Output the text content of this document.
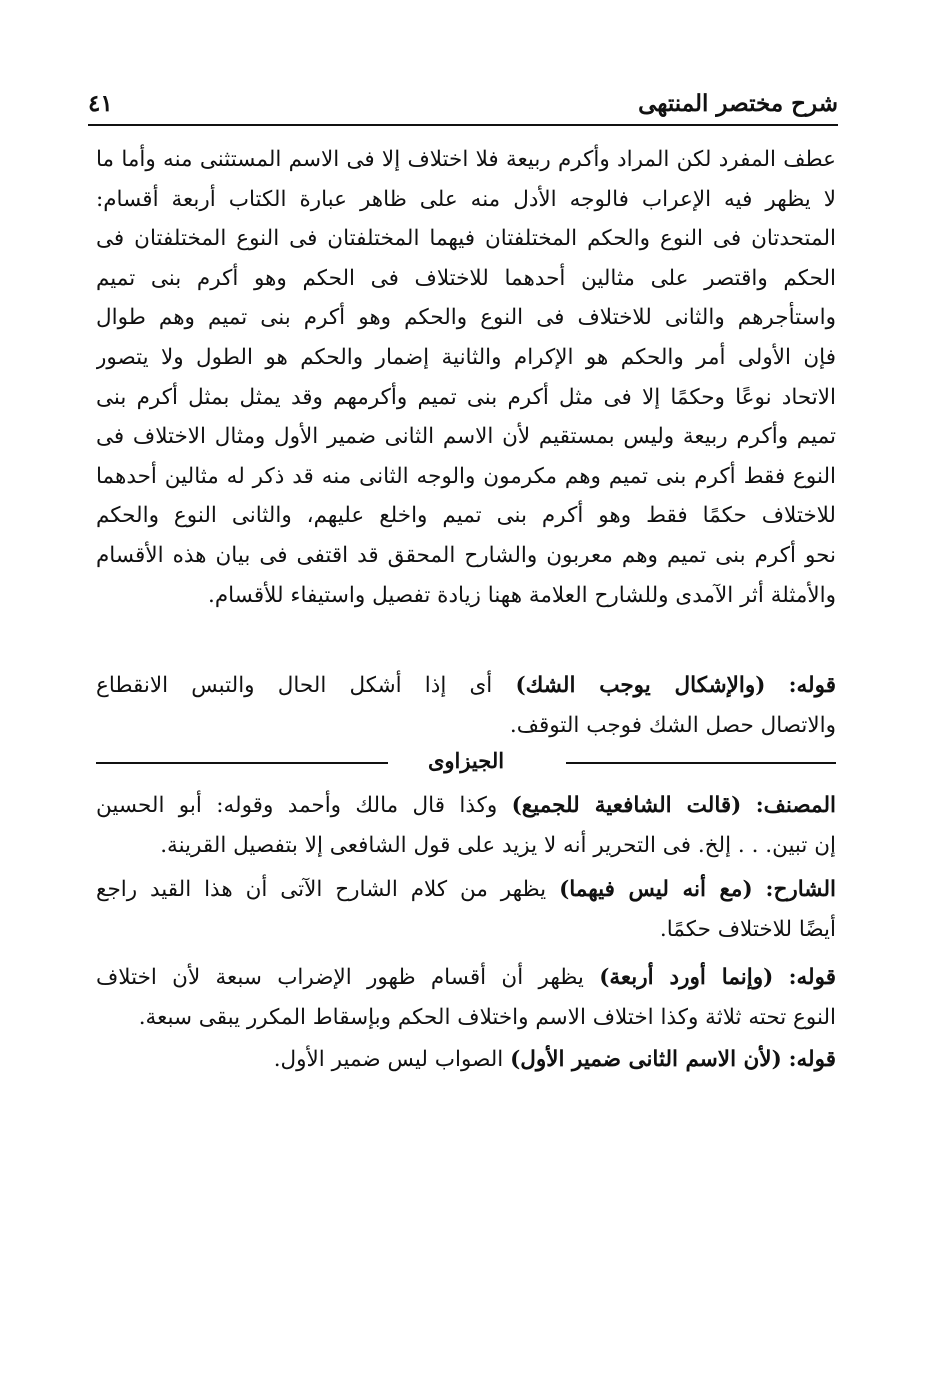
شرح مختصر المنتهى
٤١
عطف المفرد لكن المراد وأكرم ربيعة فلا اختلاف إلا فى الاسم المستثنى منه وأما ما
لا يظهر فيه الإعراب فالوجه الأدل منه على ظاهر عبارة الكتاب أربعة أقسام:
المتحدتان فى النوع والحكم المختلفتان فيهما المختلفتان فى النوع المختلفتان فى
الحكم واقتصر على مثالين أحدهما للاختلاف فى الحكم وهو أكرم بنى تميم
واستأجرهم والثانى للاختلاف فى النوع والحكم وهو أكرم بنى تميم وهم طوال
فإن الأولى أمر والحكم هو الإكرام والثانية إضمار والحكم هو الطول ولا يتصور
الاتحاد نوعًا وحكمًا إلا فى مثل أكرم بنى تميم وأكرمهم وقد يمثل بمثل أكرم بنى
تميم وأكرم ربيعة وليس بمستقيم لأن الاسم الثانى ضمير الأول ومثال الاختلاف فى
النوع فقط أكرم بنى تميم وهم مكرمون والوجه الثانى منه قد ذكر له مثالين أحدهما
للاختلاف حكمًا فقط وهو أكرم بنى تميم واخلع عليهم، والثانى النوع والحكم
نحو أكرم بنى تميم وهم معربون والشارح المحقق قد اقتفى فى بيان هذه الأقسام
والأمثلة أثر الآمدى وللشارح العلامة ههنا زيادة تفصيل واستيفاء للأقسام.
قوله: (والإشكال يوجب الشك) أى إذا أشكل الحال والتبس الانقطاع
والاتصال حصل الشك فوجب التوقف.
الجيزاوى
المصنف: (قالت الشافعية للجميع) وكذا قال مالك وأحمد وقوله: أبو الحسين
إن تبين. . . إلخ. فى التحرير أنه لا يزيد على قول الشافعى إلا بتفصيل القرينة.
الشارح: (مع أنه ليس فيهما) يظهر من كلام الشارح الآتى أن هذا القيد راجع
أيضًا للاختلاف حكمًا.
قوله: (وإنما أورد أربعة) يظهر أن أقسام ظهور الإضراب سبعة لأن اختلاف
النوع تحته ثلاثة وكذا اختلاف الاسم واختلاف الحكم وبإسقاط المكرر يبقى سبعة.
قوله: (لأن الاسم الثانى ضمير الأول) الصواب ليس ضمير الأول.
